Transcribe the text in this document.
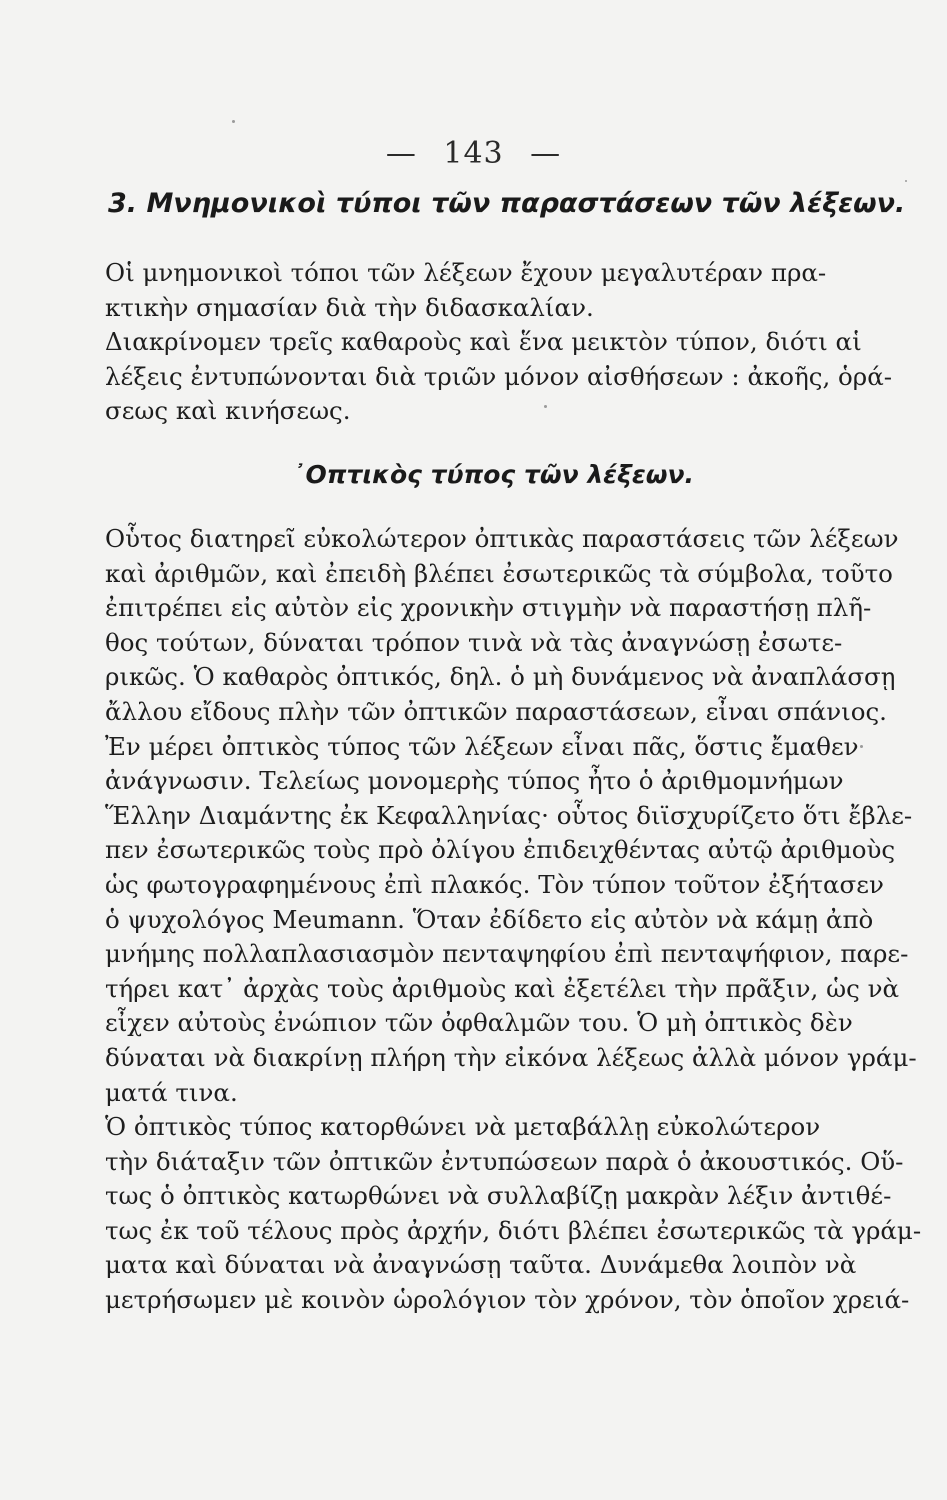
— 143 —
3. Μνημονικοὶ τύποι τῶν παραστάσεων τῶν λέξεων.
Οἱ μνημονικοὶ τόποι τῶν λέξεων ἔχουν μεγαλυτέραν πρα-
κτικὴν σημασίαν διὰ τὴν διδασκαλίαν.
Διακρίνομεν τρεῖς καθαροὺς καὶ ἕνα μεικτὸν τύπον, διότι αἱ
λέξεις ἐντυπώνονται διὰ τριῶν μόνον αἰσθήσεων : ἀκοῆς, ὁρά-
σεως καὶ κινήσεως.
᾿Οπτικὸς τύπος τῶν λέξεων.
Οὗτος διατηρεῖ εὐκολώτερον ὀπτικὰς παραστάσεις τῶν λέξεων
καὶ ἀριθμῶν, καὶ ἐπειδὴ βλέπει ἐσωτερικῶς τὰ σύμβολα, τοῦτο
ἐπιτρέπει εἰς αὐτὸν εἰς χρονικὴν στιγμὴν νὰ παραστήσῃ πλῆ-
θος τούτων, δύναται τρόπον τινὰ νὰ τὰς ἀναγνώσῃ ἐσωτε-
ρικῶς. Ὁ καθαρὸς ὀπτικός, δηλ. ὁ μὴ δυνάμενος νὰ ἀναπλάσσῃ
ἄλλου εἴδους πλὴν τῶν ὀπτικῶν παραστάσεων, εἶναι σπάνιος.
Ἐν μέρει ὀπτικὸς τύπος τῶν λέξεων εἶναι πᾶς, ὅστις ἔμαθεν
ἀνάγνωσιν. Τελείως μονομερὴς τύπος ἦτο ὁ ἀριθμομνήμων
Ἕλλην Διαμάντης ἐκ Κεφαλληνίας· οὗτος διϊσχυρίζετο ὅτι ἔβλε-
πεν ἐσωτερικῶς τοὺς πρὸ ὀλίγου ἐπιδειχθέντας αὐτῷ ἀριθμοὺς
ὡς φωτογραφημένους ἐπὶ πλακός. Τὸν τύπον τοῦτον ἐξήτασεν
ὁ ψυχολόγος Meumann. Ὅταν ἐδίδετο εἰς αὐτὸν νὰ κάμῃ ἀπὸ
μνήμης πολλαπλασιασμὸν πενταψηφίου ἐπὶ πενταψήφιον, παρε-
τήρει κατ᾿ ἀρχὰς τοὺς ἀριθμοὺς καὶ ἐξετέλει τὴν πρᾶξιν, ὡς νὰ
εἶχεν αὐτοὺς ἐνώπιον τῶν ὀφθαλμῶν του. Ὁ μὴ ὀπτικὸς δὲν
δύναται νὰ διακρίνῃ πλήρη τὴν εἰκόνα λέξεως ἀλλὰ μόνον γράμ-
ματά τινα.
Ὁ ὀπτικὸς τύπος κατορθώνει νὰ μεταβάλλῃ εὐκολώτερον
τὴν διάταξιν τῶν ὀπτικῶν ἐντυπώσεων παρὰ ὁ ἀκουστικός. Οὕ-
τως ὁ ὀπτικὸς κατωρθώνει νὰ συλλαβίζῃ μακρὰν λέξιν ἀντιθέ-
τως ἐκ τοῦ τέλους πρὸς ἀρχήν, διότι βλέπει ἐσωτερικῶς τὰ γράμ-
ματα καὶ δύναται νὰ ἀναγνώσῃ ταῦτα. Δυνάμεθα λοιπὸν νὰ
μετρήσωμεν μὲ κοινὸν ὡρολόγιον τὸν χρόνον, τὸν ὁποῖον χρειά-
